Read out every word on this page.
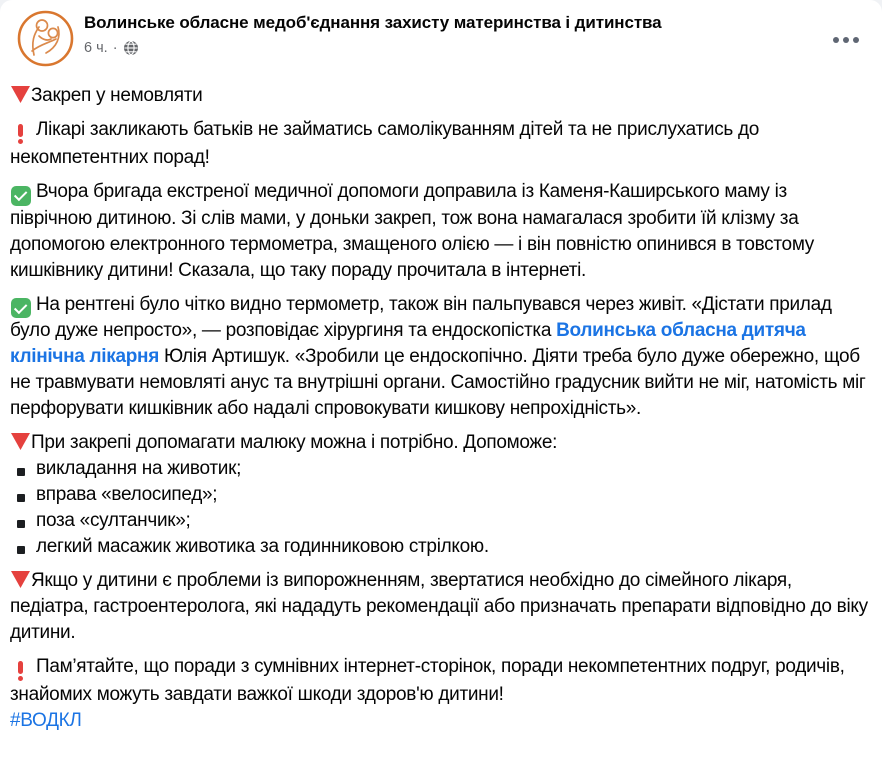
Волинське обласне медоб'єднання захисту материнства і дитинства
6 ч. ·
Закреп у немовляти
Лікарі закликають батьків не займатись самолікуванням дітей та не прислухатись до некомпетентних порад!
Вчора бригада екстреної медичної допомоги доправила із Каменя-Каширського маму із піврічною дитиною. Зі слів мами, у доньки закреп, тож вона намагалася зробити їй клізму за допомогою електронного термометра, змащеного олією — і він повністю опинився в товстому кишківнику дитини! Сказала, що таку пораду прочитала в інтернеті.
На рентгені було чітко видно термометр, також він пальпувався через живіт. «Дістати прилад було дуже непросто», — розповідає хірургиня та ендоскопістка Волинська обласна дитяча клінічна лікарня Юлія Артишук. «Зробили це ендоскопічно. Діяти треба було дуже обережно, щоб не травмувати немовляті анус та внутрішні органи. Самостійно градусник вийти не міг, натомість міг перфорувати кишківник або надалі спровокувати кишкову непрохідність».
При закрепі допомагати малюку можна і потрібно. Допоможе:

викладання на животик;

вправа «велосипед»;

поза «султанчик»;

легкий масажик животика за годинниковою стрілкою.
Якщо у дитини є проблеми із випорожненням, звертатися необхідно до сімейного лікаря, педіатра, гастроентеролога, які нададуть рекомендації або призначать препарати відповідно до віку дитини.
Пам’ятайте, що поради з сумнівних інтернет-сторінок, поради некомпетентних подруг, родичів, знайомих можуть завдати важкої шкоди здоров'ю дитини!
#ВОДКЛ
